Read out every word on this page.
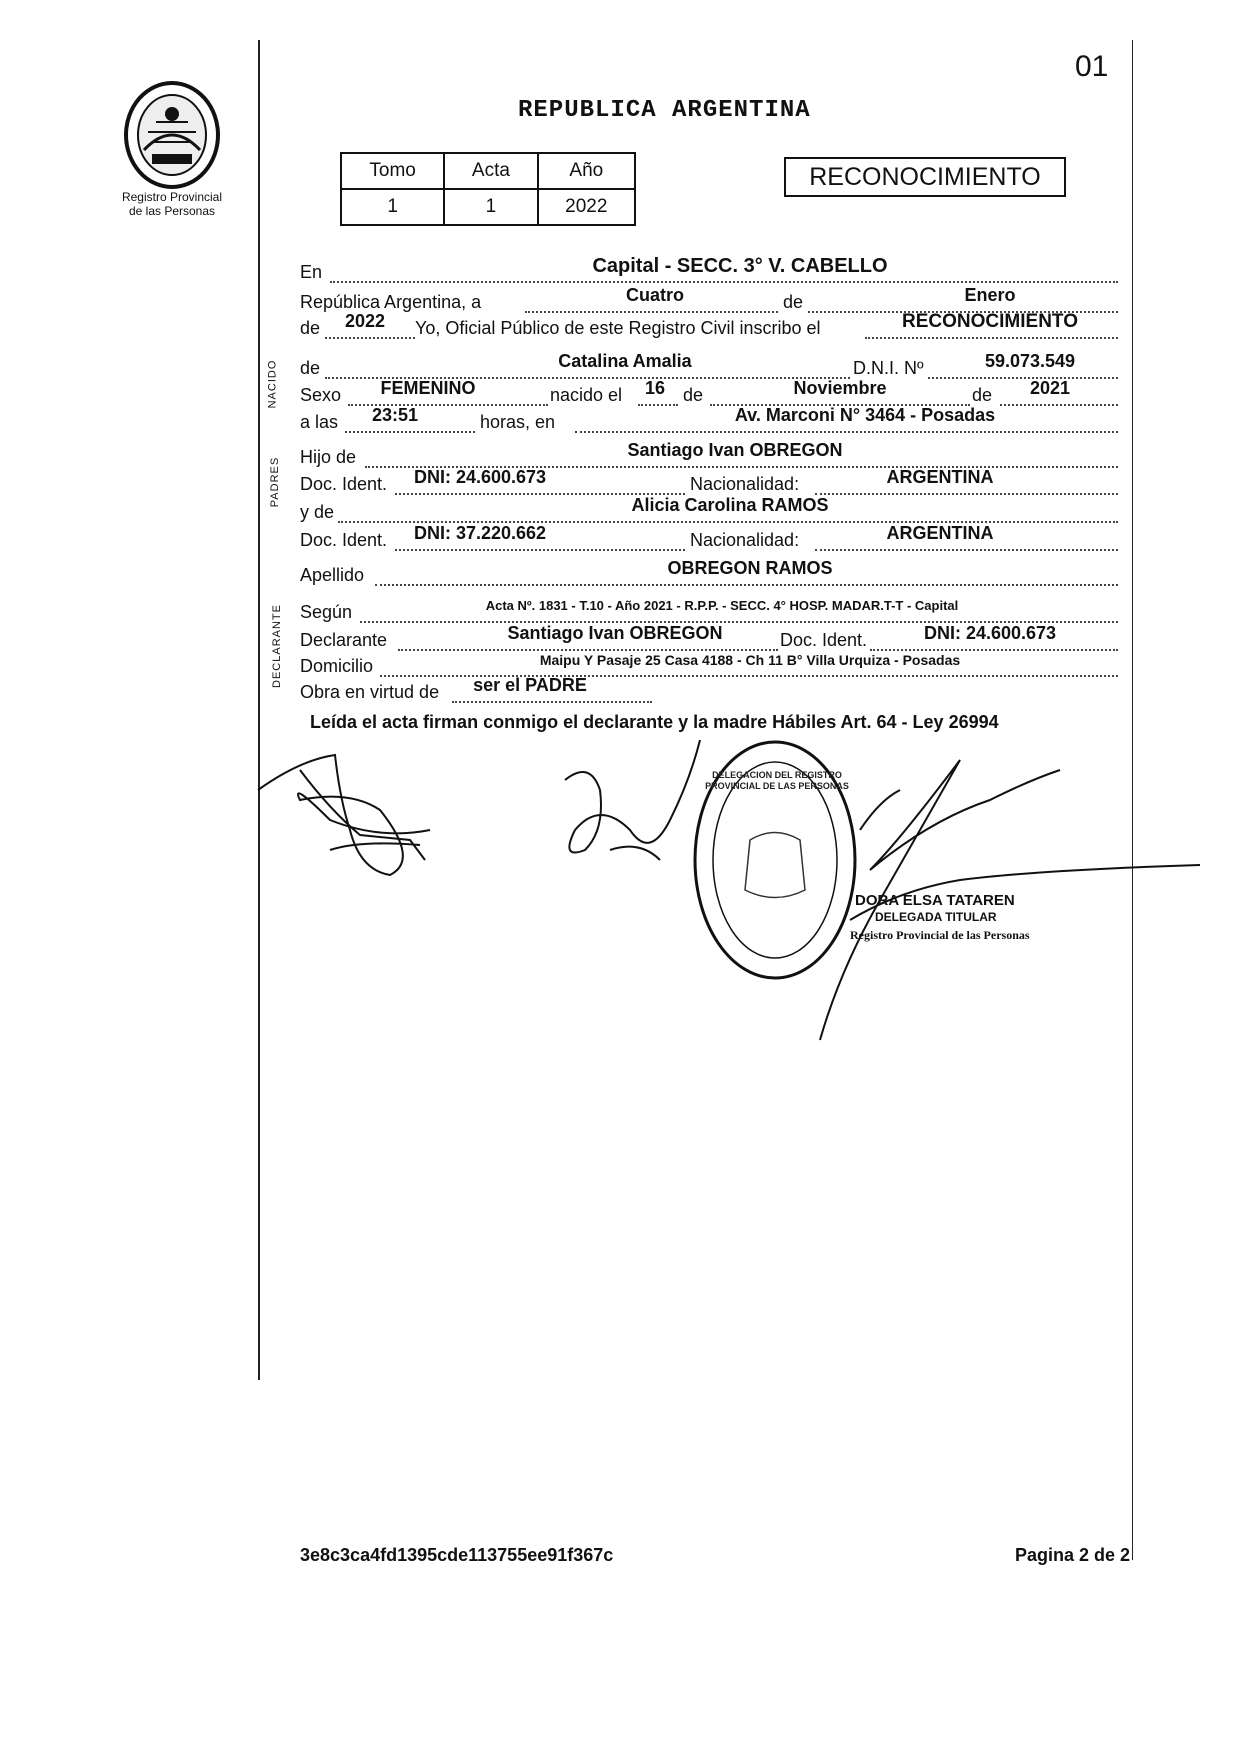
01
Registro Provincial
de las Personas
REPUBLICA ARGENTINA
Tomo	Acta	Año
1	1	2022
RECONOCIMIENTO
NACIDO
PADRES
DECLARANTE
En	Capital - SECC. 3° V. CABELLO
República Argentina, a	Cuatro	de	Enero
de	2022	Yo, Oficial Público de este Registro Civil inscribo el	RECONOCIMIENTO
de	Catalina Amalia	D.N.I. Nº	59.073.549
Sexo	FEMENINO	nacido el 16 de	Noviembre	de	2021
a las	23:51	horas, en	Av. Marconi N° 3464 - Posadas
Hijo de	Santiago Ivan OBREGON
Doc. Ident.	DNI: 24.600.673	Nacionalidad:	ARGENTINA
y de	Alicia Carolina RAMOS
Doc. Ident.	DNI: 37.220.662	Nacionalidad:	ARGENTINA
Apellido	OBREGON RAMOS
Según	Acta Nº. 1831 - T.10 - Año 2021 - R.P.P. - SECC. 4° HOSP. MADAR.T-T - Capital
Declarante	Santiago Ivan OBREGON	Doc. Ident.	DNI: 24.600.673
Domicilio	Maipu Y Pasaje 25 Casa 4188 - Ch 11 B° Villa Urquiza - Posadas
Obra en virtud de	ser el PADRE
Leída el acta firman conmigo el declarante y la madre Hábiles Art. 64 - Ley 26994
DELEGACION DEL REGISTRO PROVINCIAL DE LAS PERSONAS
DORA ELSA TATAREN
DELEGADA TITULAR
Registro Provincial de las Personas
3e8c3ca4fd1395cde113755ee91f367c	Pagina 2 de 2
